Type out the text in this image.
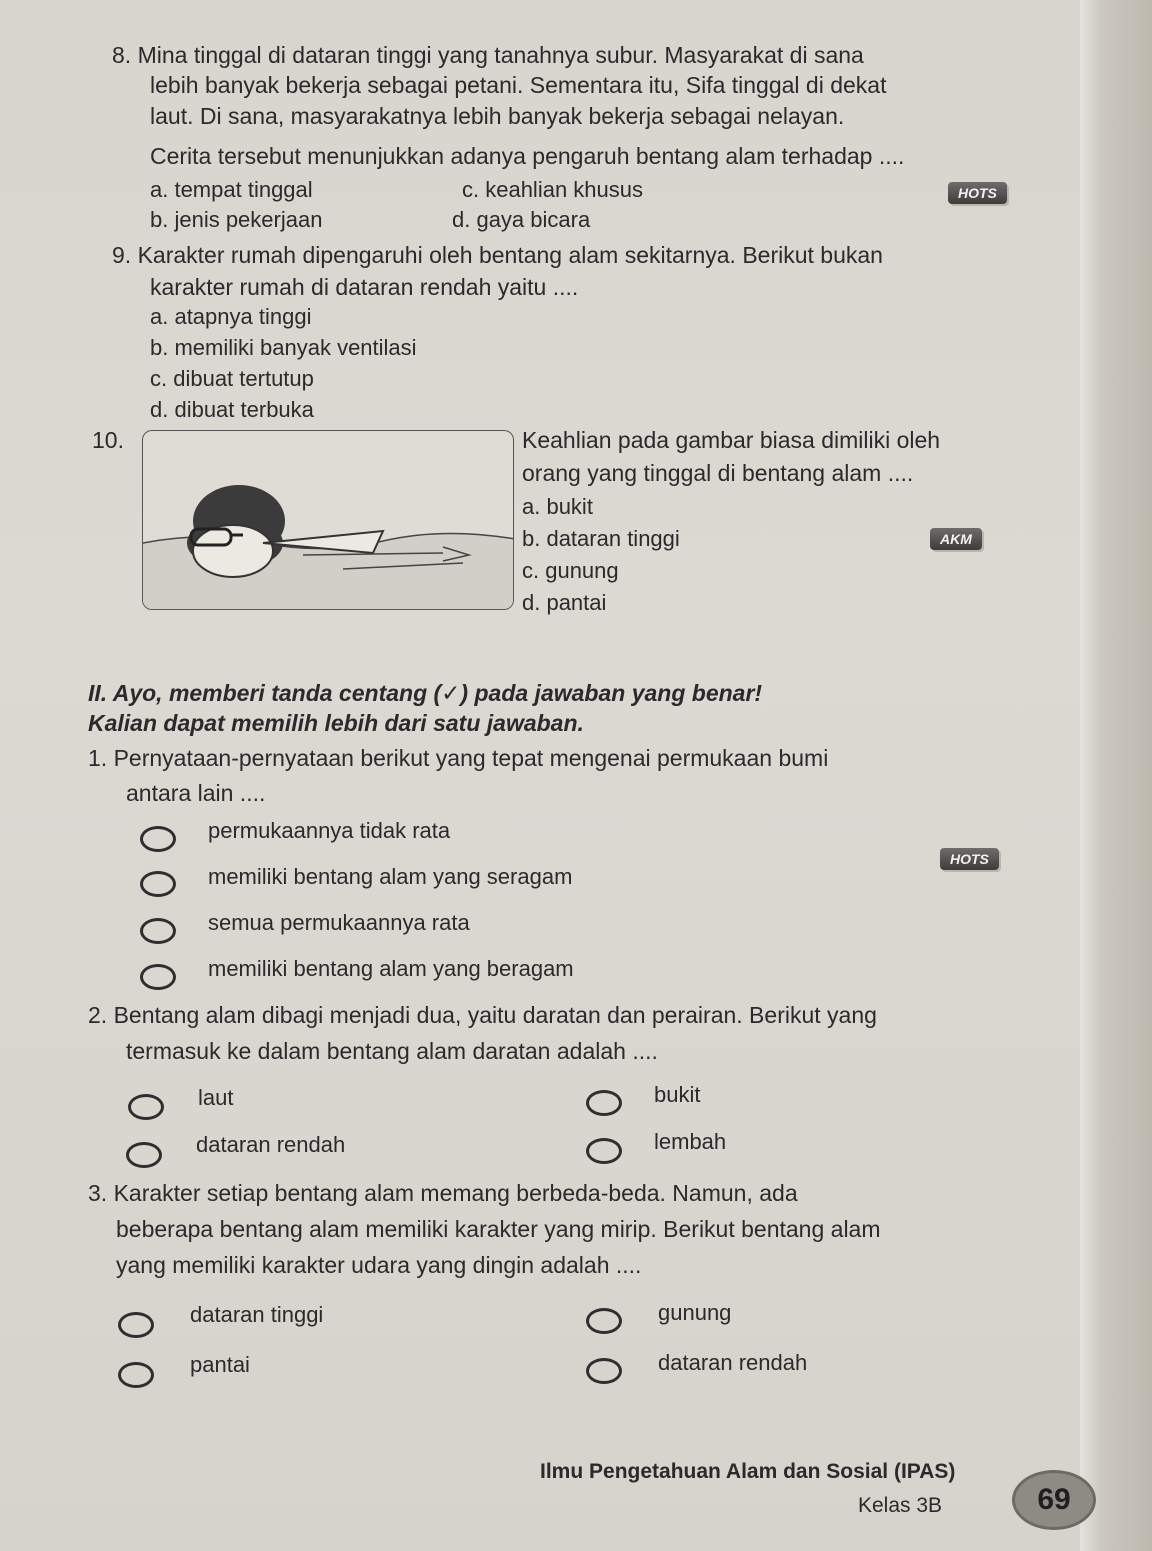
8. Mina tinggal di dataran tinggi yang tanahnya subur. Masyarakat di sana
lebih banyak bekerja sebagai petani. Sementara itu, Sifa tinggal di dekat
laut. Di sana, masyarakatnya lebih banyak bekerja sebagai nelayan.
Cerita tersebut menunjukkan adanya pengaruh bentang alam terhadap ....
a. tempat tinggal	c. keahlian khusus	HOTS
b. jenis pekerjaan	d. gaya bicara
9. Karakter rumah dipengaruhi oleh bentang alam sekitarnya. Berikut bukan
karakter rumah di dataran rendah yaitu ....
a. atapnya tinggi
b. memiliki banyak ventilasi
c. dibuat tertutup
d. dibuat terbuka
10.	Keahlian pada gambar biasa dimiliki oleh
orang yang tinggal di bentang alam ....
a. bukit
b. dataran tinggi	AKM
c. gunung
d. pantai
II. Ayo, memberi tanda centang (✓) pada jawaban yang benar!
Kalian dapat memilih lebih dari satu jawaban.
1. Pernyataan-pernyataan berikut yang tepat mengenai permukaan bumi
antara lain ....
permukaannya tidak rata
memiliki bentang alam yang seragam
HOTS
semua permukaannya rata
memiliki bentang alam yang beragam
2. Bentang alam dibagi menjadi dua, yaitu daratan dan perairan. Berikut yang
termasuk ke dalam bentang alam daratan adalah ....
laut	bukit
dataran rendah	lembah
3. Karakter setiap bentang alam memang berbeda-beda. Namun, ada
beberapa bentang alam memiliki karakter yang mirip. Berikut bentang alam
yang memiliki karakter udara yang dingin adalah ....
dataran tinggi	gunung
pantai	dataran rendah
Ilmu Pengetahuan Alam dan Sosial (IPAS)
Kelas 3B	69
